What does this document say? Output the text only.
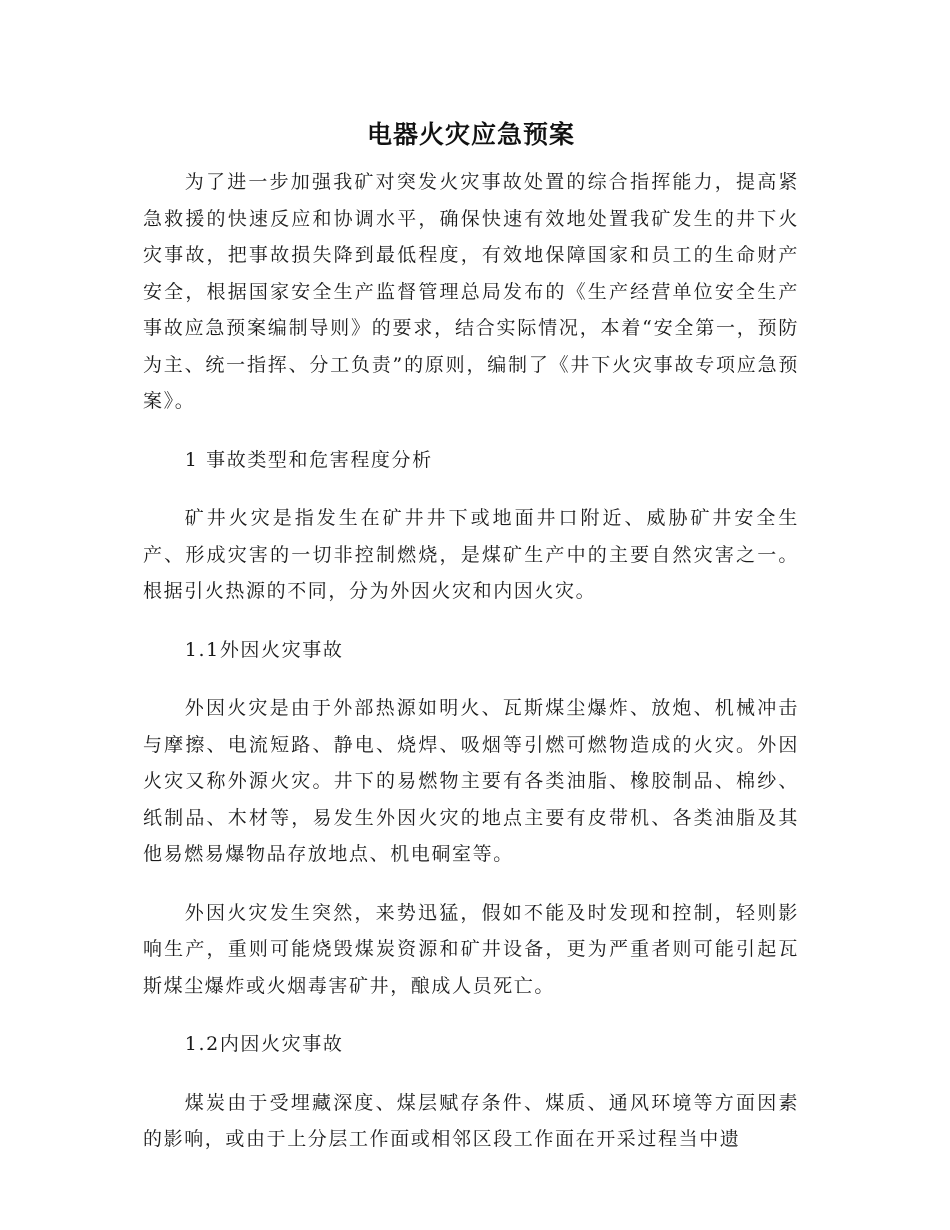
电器火灾应急预案

为了进一步加强我矿对突发火灾事故处置的综合指挥能力，提高紧急救援的快速反应和协调水平，确保快速有效地处置我矿发生的井下火灾事故，把事故损失降到最低程度，有效地保障国家和员工的生命财产安全，根据国家安全生产监督管理总局发布的《生产经营单位安全生产事故应急预案编制导则》的要求，结合实际情况，本着“安全第一，预防为主、统一指挥、分工负责”的原则，编制了《井下火灾事故专项应急预案》。

1 事故类型和危害程度分析

矿井火灾是指发生在矿井井下或地面井口附近、威胁矿井安全生产、形成灾害的一切非控制燃烧，是煤矿生产中的主要自然灾害之一。根据引火热源的不同，分为外因火灾和内因火灾。

1.1外因火灾事故

外因火灾是由于外部热源如明火、瓦斯煤尘爆炸、放炮、机械冲击与摩擦、电流短路、静电、烧焊、吸烟等引燃可燃物造成的火灾。外因火灾又称外源火灾。井下的易燃物主要有各类油脂、橡胶制品、棉纱、纸制品、木材等，易发生外因火灾的地点主要有皮带机、各类油脂及其他易燃易爆物品存放地点、机电硐室等。

外因火灾发生突然，来势迅猛，假如不能及时发现和控制，轻则影响生产，重则可能烧毁煤炭资源和矿井设备，更为严重者则可能引起瓦斯煤尘爆炸或火烟毒害矿井，酿成人员死亡。

1.2内因火灾事故

煤炭由于受埋藏深度、煤层赋存条件、煤质、通风环境等方面因素的影响，或由于上分层工作面或相邻区段工作面在开采过程当中遗
